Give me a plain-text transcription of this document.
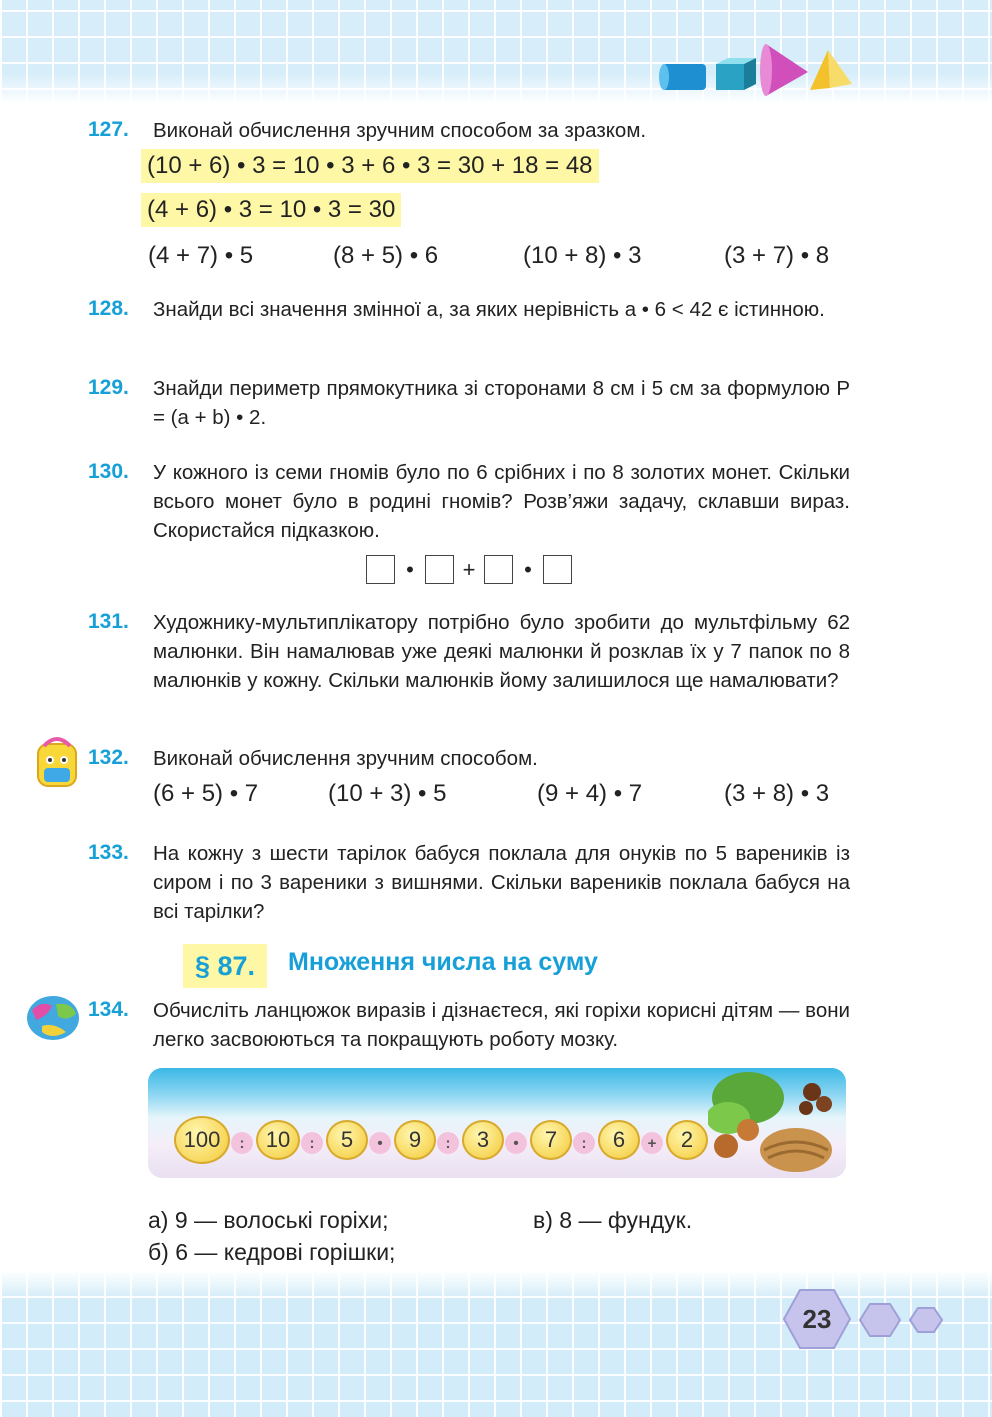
127. Виконай обчислення зручним способом за зразком.
(10 + 6) • 3 = 10 • 3 + 6 • 3 = 30 + 18 = 48
(4 + 6) • 3 = 10 • 3 = 30
(4 + 7) • 5	(8 + 5) • 6	(10 + 8) • 3	(3 + 7) • 8
128. Знайди всі значення змінної a, за яких нерівність a • 6 < 42 є істинною.
129. Знайди периметр прямокутника зі сторонами 8 см і 5 см за формулою P = (a + b) • 2.
130. У кожного із семи гномів було по 6 срібних і по 8 золотих монет. Скільки всього монет було в родині гномів? Розв’яжи задачу, склавши вираз. Скористайся підказкою.
•	+	•
131. Художнику-мультиплікатору потрібно було зробити до мультфільму 62 малюнки. Він намалював уже деякі малюнки й розклав їх у 7 папок по 8 малюнків у кожну. Скільки малюнків йому залишилося ще намалювати?
132. Виконай обчислення зручним способом.
(6 + 5) • 7	(10 + 3) • 5	(9 + 4) • 7	(3 + 8) • 3
133. На кожну з шести тарілок бабуся поклала для онуків по 5 вареників із сиром і по 3 вареники з вишнями. Скільки вареників поклала бабуся на всі тарілки?
§ 87.	Множення числа на суму
134. Обчисліть ланцюжок виразів і дізнаєтеся, які горіхи корисні дітям — вони легко засвоюються та покращують роботу мозку.
100	: 10	:	5	•	9	:	3	•	7	:	6	+	2
а) 9 — волоські горіхи;	в) 8 — фундук.
б) 6 — кедрові горішки;
23
